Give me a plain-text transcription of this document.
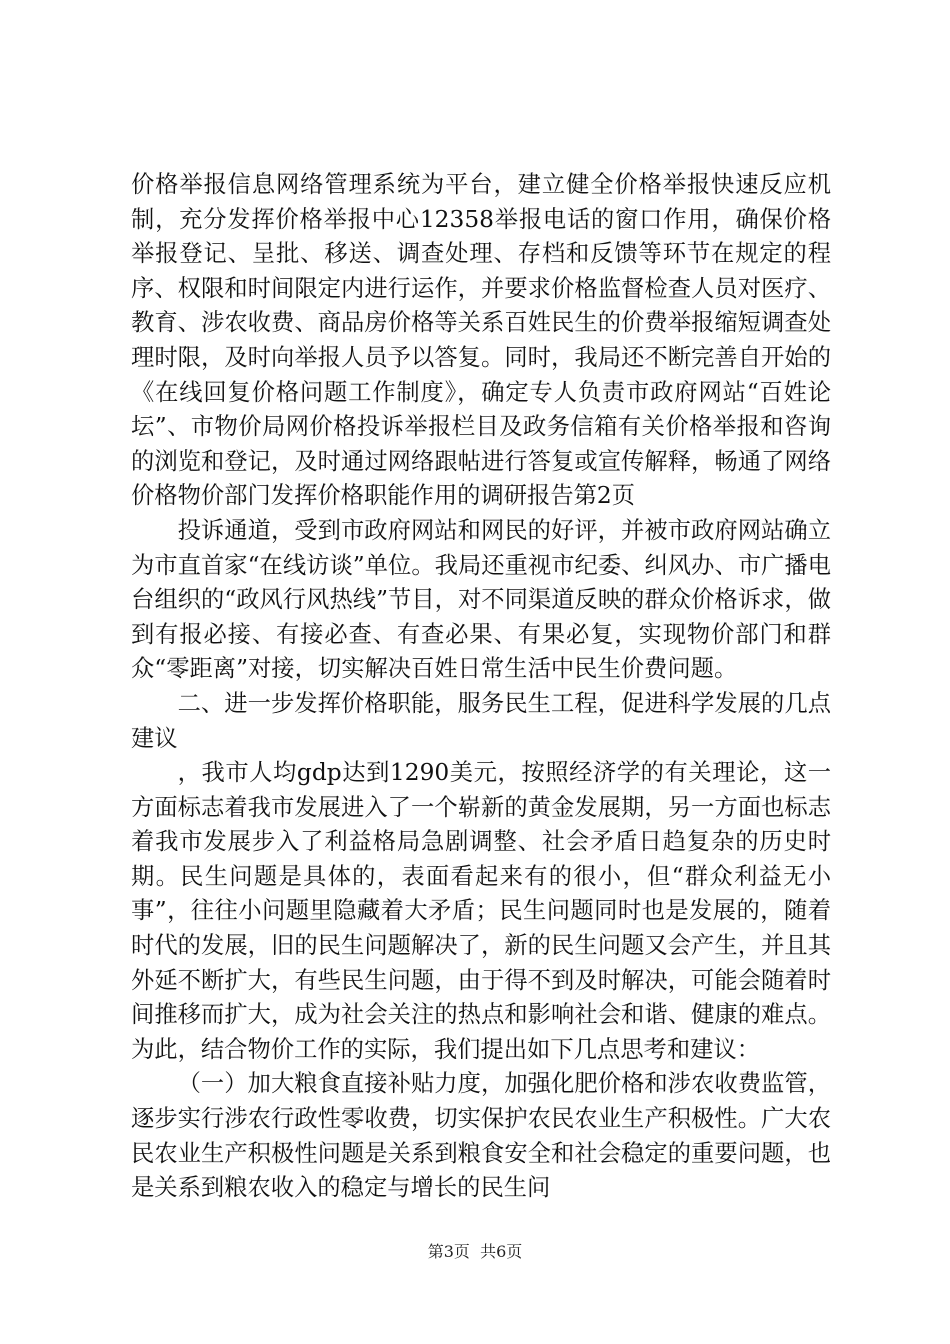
价格举报信息网络管理系统为平台，建立健全价格举报快速反应机制，充分发挥价格举报中心12358举报电话的窗口作用，确保价格举报登记、呈批、移送、调查处理、存档和反馈等环节在规定的程序、权限和时间限定内进行运作，并要求价格监督检查人员对医疗、教育、涉农收费、商品房价格等关系百姓民生的价费举报缩短调查处理时限，及时向举报人员予以答复。同时，我局还不断完善自开始的《在线回复价格问题工作制度》，确定专人负责市政府网站“百姓论坛”、市物价局网价格投诉举报栏目及政务信箱有关价格举报和咨询的浏览和登记，及时通过网络跟帖进行答复或宣传解释，畅通了网络价格物价部门发挥价格职能作用的调研报告第2页

投诉通道，受到市政府网站和网民的好评，并被市政府网站确立为市直首家“在线访谈”单位。我局还重视市纪委、纠风办、市广播电台组织的“政风行风热线”节目，对不同渠道反映的群众价格诉求，做到有报必接、有接必查、有查必果、有果必复，实现物价部门和群众“零距离”对接，切实解决百姓日常生活中民生价费问题。

二、进一步发挥价格职能，服务民生工程，促进科学发展的几点建议

，我市人均gdp达到1290美元，按照经济学的有关理论，这一方面标志着我市发展进入了一个崭新的黄金发展期，另一方面也标志着我市发展步入了利益格局急剧调整、社会矛盾日趋复杂的历史时期。民生问题是具体的，表面看起来有的很小，但“群众利益无小事”，往往小问题里隐藏着大矛盾；民生问题同时也是发展的，随着时代的发展，旧的民生问题解决了，新的民生问题又会产生，并且其外延不断扩大，有些民生问题，由于得不到及时解决，可能会随着时间推移而扩大，成为社会关注的热点和影响社会和谐、健康的难点。为此，结合物价工作的实际，我们提出如下几点思考和建议：

（一）加大粮食直接补贴力度，加强化肥价格和涉农收费监管，逐步实行涉农行政性零收费，切实保护农民农业生产积极性。广大农民农业生产积极性问题是关系到粮食安全和社会稳定的重要问题，也是关系到粮农收入的稳定与增长的民生问

第3页 共6页
